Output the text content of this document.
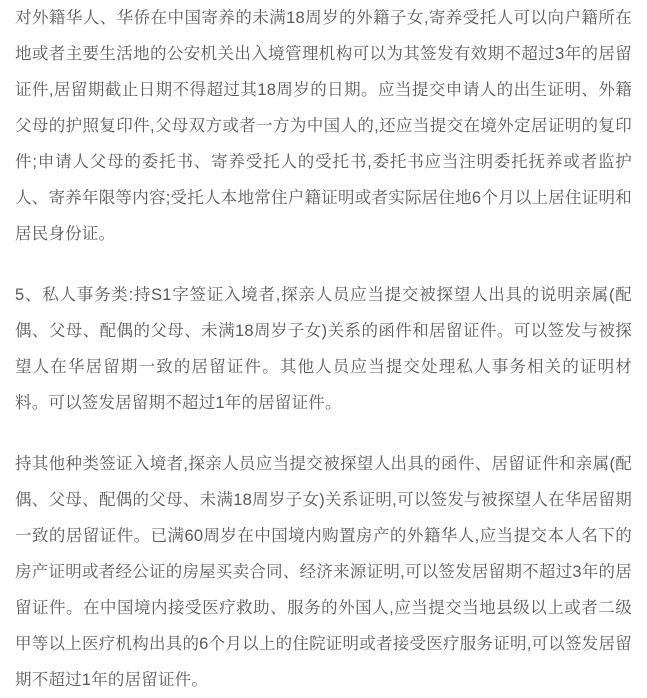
对外籍华人、华侨在中国寄养的未满18周岁的外籍子女,寄养受托人可以向户籍所在地或者主要生活地的公安机关出入境管理机构可以为其签发有效期不超过3年的居留证件,居留期截止日期不得超过其18周岁的日期。应当提交申请人的出生证明、外籍父母的护照复印件,父母双方或者一方为中国人的,还应当提交在境外定居证明的复印件;申请人父母的委托书、寄养受托人的受托书,委托书应当注明委托抚养或者监护人、寄养年限等内容;受托人本地常住户籍证明或者实际居住地6个月以上居住证明和居民身份证。

5、私人事务类:持S1字签证入境者,探亲人员应当提交被探望人出具的说明亲属(配偶、父母、配偶的父母、未满18周岁子女)关系的函件和居留证件。可以签发与被探望人在华居留期一致的居留证件。其他人员应当提交处理私人事务相关的证明材料。可以签发居留期不超过1年的居留证件。

持其他种类签证入境者,探亲人员应当提交被探望人出具的函件、居留证件和亲属(配偶、父母、配偶的父母、未满18周岁子女)关系证明,可以签发与被探望人在华居留期一致的居留证件。已满60周岁在中国境内购置房产的外籍华人,应当提交本人名下的房产证明或者经公证的房屋买卖合同、经济来源证明,可以签发居留期不超过3年的居留证件。在中国境内接受医疗救助、服务的外国人,应当提交当地县级以上或者二级甲等以上医疗机构出具的6个月以上的住院证明或者接受医疗服务证明,可以签发居留期不超过1年的居留证件。
